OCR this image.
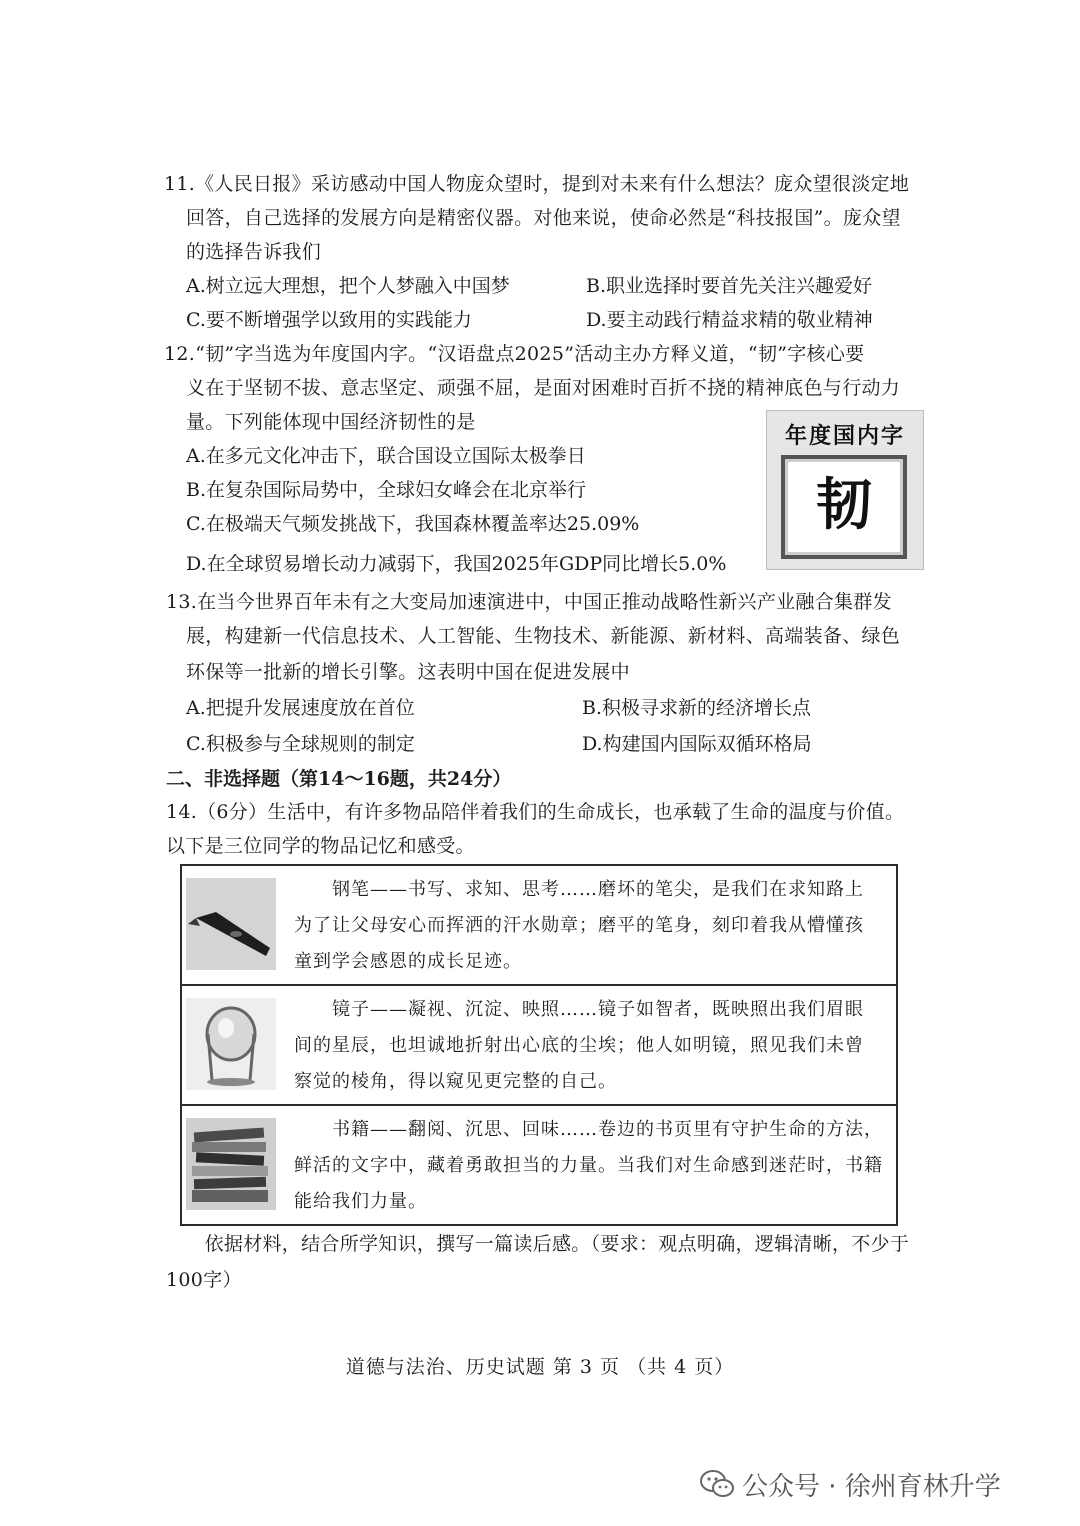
11.《人民日报》采访感动中国人物庞众望时，提到对未来有什么想法？庞众望很淡定地
回答，自己选择的发展方向是精密仪器。对他来说，使命必然是“科技报国”。庞众望
的选择告诉我们
A.树立远大理想，把个人梦融入中国梦	B.职业选择时要首先关注兴趣爱好
C.要不断增强学以致用的实践能力	D.要主动践行精益求精的敬业精神
12.“韧”字当选为年度国内字。“汉语盘点2025”活动主办方释义道，“韧”字核心要
义在于坚韧不拔、意志坚定、顽强不屈，是面对困难时百折不挠的精神底色与行动力
量。下列能体现中国经济韧性的是
A.在多元文化冲击下，联合国设立国际太极拳日
B.在复杂国际局势中，全球妇女峰会在北京举行
C.在极端天气频发挑战下，我国森林覆盖率达25.09%
D.在全球贸易增长动力减弱下，我国2025年GDP同比增长5.0%
年度国内字
韧
13.在当今世界百年未有之大变局加速演进中，中国正推动战略性新兴产业融合集群发
展，构建新一代信息技术、人工智能、生物技术、新能源、新材料、高端装备、绿色
环保等一批新的增长引擎。这表明中国在促进发展中
A.把提升发展速度放在首位	B.积极寻求新的经济增长点
C.积极参与全球规则的制定	D.构建国内国际双循环格局
二、非选择题（第14～16题，共24分）
14.（6分）生活中，有许多物品陪伴着我们的生命成长，也承载了生命的温度与价值。
以下是三位同学的物品记忆和感受。
　　钢笔——书写、求知、思考……磨坏的笔尖，是我们在求知路上
为了让父母安心而挥洒的汗水勋章；磨平的笔身，刻印着我从懵懂孩
童到学会感恩的成长足迹。
　　镜子——凝视、沉淀、映照……镜子如智者，既映照出我们眉眼
间的星辰，也坦诚地折射出心底的尘埃；他人如明镜，照见我们未曾
察觉的棱角，得以窥见更完整的自己。
　　书籍——翻阅、沉思、回味……卷边的书页里有守护生命的方法，
鲜活的文字中，藏着勇敢担当的力量。当我们对生命感到迷茫时，书籍
能给我们力量。
　　依据材料，结合所学知识，撰写一篇读后感。（要求：观点明确，逻辑清晰，不少于
100字）
道德与法治、历史试题 第 3 页 （共 4 页）
公众号 · 徐州育林升学
